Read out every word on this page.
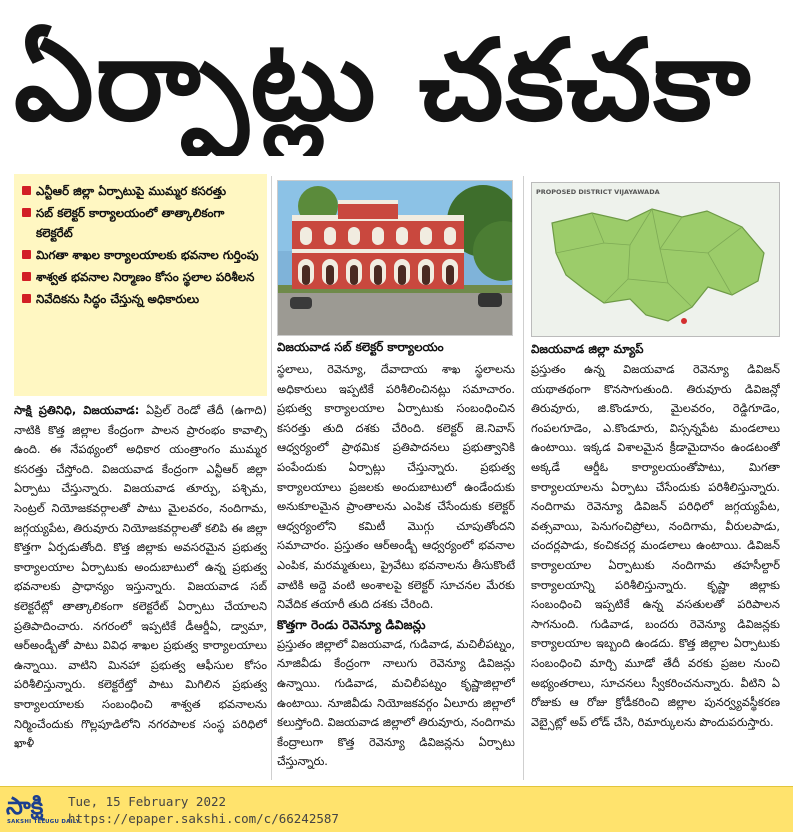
ఏర్పాట్లు చకచకా
ఎన్టీఆర్ జిల్లా ఏర్పాటుపై ముమ్మర కసరత్తు
సబ్ కలెక్టర్ కార్యాలయంలో తాత్కాలికంగా కలెక్టరేట్
మిగతా శాఖల కార్యాలయాలకు భవనాల గుర్తింపు
శాశ్వత భవనాల నిర్మాణం కోసం స్థలాల పరిశీలన
నివేదికను సిద్ధం చేస్తున్న అధికారులు
విజయవాడ సబ్ కలెక్టర్ కార్యాలయం
PROPOSED DISTRICT VIJAYAWADA
విజయవాడ జిల్లా మ్యాప్

సాక్షి ప్రతినిధి, విజయవాడ: ఏప్రిల్ రెండో తేదీ (ఉగాది) నాటికి కొత్త జిల్లాల కేంద్రంగా పాలన ప్రారంభం కావాల్సి ఉంది. ఈ నేపథ్యంలో అధికార యంత్రాంగం ముమ్మర కసరత్తు చేస్తోంది. విజయవాడ కేంద్రంగా ఎన్టీఆర్ జిల్లా ఏర్పాటు చేస్తున్నారు. విజయవాడ తూర్పు, పశ్చిమ, సెంట్రల్ నియోజకవర్గాలతో పాటు మైలవరం, నందిగామ, జగ్గయ్యపేట, తిరువూరు నియోజకవర్గాలతో కలిపి ఈ జిల్లా కొత్తగా ఏర్పడుతోంది. కొత్త జిల్లాకు అవసరమైన ప్రభుత్వ కార్యాలయాల ఏర్పాటుకు అందుబాటులో ఉన్న ప్రభుత్వ భవనాలకు ప్రాధాన్యం ఇస్తున్నారు. విజయవాడ సబ్ కలెక్టరేట్లో తాత్కాలికంగా కలెక్టరేట్ ఏర్పాటు చేయాలని ప్రతిపాదించారు. నగరంలో ఇప్పటికే డీఆర్డీఏ, డ్వామా, ఆర్అండ్బీతో పాటు వివిధ శాఖల ప్రభుత్వ కార్యాలయాలు ఉన్నాయి. వాటిని మినహా ప్రభుత్వ ఆఫీసుల కోసం పరిశీలిస్తున్నారు. కలెక్టరేట్తో పాటు మిగిలిన ప్రభుత్వ కార్యాలయాలకు సంబంధించి శాశ్వత భవనాలను నిర్మించేందుకు గొల్లపూడిలోని నగరపాలక సంస్థ పరిధిలో ఖాళీ

స్థలాలు, రెవెన్యూ, దేవాదాయ శాఖ స్థలాలను అధికారులు ఇప్పటికే పరిశీలించినట్లు సమాచారం. ప్రభుత్వ కార్యాలయాల ఏర్పాటుకు సంబంధించిన కసరత్తు తుది దశకు చేరింది. కలెక్టర్ జె.నివాస్ ఆధ్వర్యంలో ప్రాథమిక ప్రతిపాదనలు ప్రభుత్వానికి పంపేందుకు ఏర్పాట్లు చేస్తున్నారు. ప్రభుత్వ కార్యాలయాలు ప్రజలకు అందుబాటులో ఉండేందుకు అనుకూలమైన ప్రాంతాలను ఎంపిక చేసేందుకు కలెక్టర్ ఆధ్వర్యంలోని కమిటీ మొగ్గు చూపుతోందని సమాచారం. ప్రస్తుతం ఆర్అండ్బీ ఆధ్వర్యంలో భవనాల ఎంపిక, మరమ్మతులు, ప్రైవేటు భవనాలను తీసుకొంటే వాటికి అద్దె వంటి అంశాలపై కలెక్టర్ సూచనల మేరకు నివేదిక తయారీ తుది దశకు చేరింది.

కొత్తగా రెండు రెవెన్యూ డివిజన్లు

ప్రస్తుతం జిల్లాలో విజయవాడ, గుడివాడ, మచిలీపట్నం, నూజివీడు కేంద్రంగా నాలుగు రెవెన్యూ డివిజన్లు ఉన్నాయి. గుడివాడ, మచిలీపట్నం కృష్ణాజిల్లాలో ఉంటాయి. నూజివీడు నియోజకవర్గం ఏలూరు జిల్లాలో కలుస్తోంది. విజయవాడ జిల్లాలో తిరువూరు, నందిగామ కేంద్రాలుగా కొత్త రెవెన్యూ డివిజన్లను ఏర్పాటు చేస్తున్నారు.

ప్రస్తుతం ఉన్న విజయవాడ రెవెన్యూ డివిజన్ యథాతథంగా కొనసాగుతుంది. తిరువూరు డివిజన్లో తిరువూరు, జి.కొండూరు, మైలవరం, రెడ్డిగూడెం, గంపలగూడెం, ఎ.కొండూరు, విస్సన్నపేట మండలాలు ఉంటాయి. ఇక్కడ విశాలమైన క్రీడామైదానం ఉండటంతో అక్కడే ఆర్డీఓ కార్యాలయంతోపాటు, మిగతా కార్యాలయాలను ఏర్పాటు చేసేందుకు పరిశీలిస్తున్నారు. నందిగామ రెవెన్యూ డివిజన్ పరిధిలో జగ్గయ్యపేట, వత్సవాయి, పెనుగంచిప్రోలు, నందిగామ, వీరులపాడు, చందర్లపాడు, కంచికచర్ల మండలాలు ఉంటాయి. డివిజన్ కార్యాలయాల ఏర్పాటుకు నందిగామ తహసీల్దార్ కార్యాలయాన్ని పరిశీలిస్తున్నారు. కృష్ణా జిల్లాకు సంబంధించి ఇప్పటికే ఉన్న వసతులతో పరిపాలన సాగనుంది. గుడివాడ, బందరు రెవెన్యూ డివిజన్లకు కార్యాలయాల ఇబ్బంది ఉండదు. కొత్త జిల్లాల ఏర్పాటుకు సంబంధించి మార్చి మూడో తేదీ వరకు ప్రజల నుంచి అభ్యంతరాలు, సూచనలు స్వీకరించనున్నారు. వీటిని ఏ రోజుకు ఆ రోజు క్రోడీకరించి జిల్లాల పునర్వ్యవస్థీకరణ వెబ్సైట్లో అప్ లోడ్ చేసి, రిమార్కులను పొందుపరుస్తారు.

సాక్షి
SAKSHI TELUGU DAILY
Tue, 15 February 2022
https://epaper.sakshi.com/c/66242587
